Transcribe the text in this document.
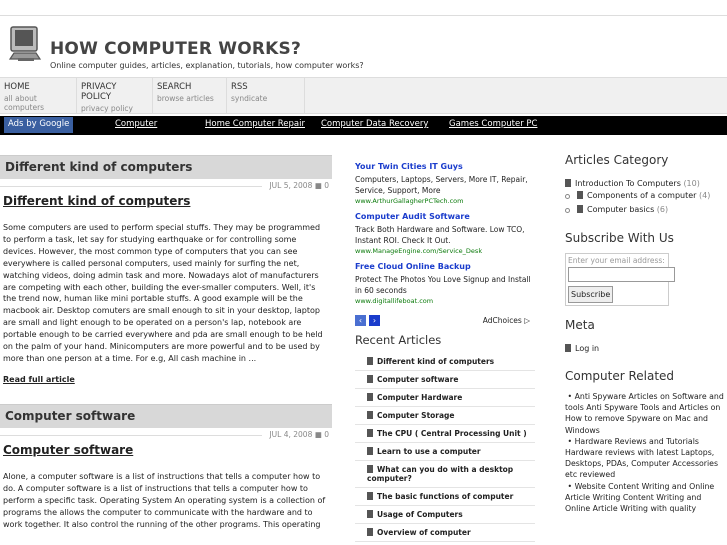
HOW COMPUTER WORKS?
Online computer guides, articles, explanation, tutorials, how computer works?
HOME
all about computers
PRIVACY POLICY
privacy policy
SEARCH
browse articles
RSS
syndicate
Ads by Google	Computer	Home Computer Repair Computer Data Recovery Games Computer PC
Different kind of computers
JUL 5, 2008 ■ 0
Different kind of computers
Some computers are used to perform special stuffs. They may be programmed to perform a task, let say for studying earthquake or for controlling some devices. However, the most common type of computers that you can see everywhere is called personal computers, used mainly for surfing the net, watching videos, doing admin task and more. Nowadays alot of manufacturers are competing with each other, building the ever-smaller computers. Well, it's the trend now, human like mini portable stuffs. A good example will be the macbook air. Desktop comuters are small enough to sit in your desktop, laptop are small and light enough to be operated on a person's lap, notebook are portable enough to be carried everywhere and pda are small enough to be held on the palm of your hand. Minicomputers are more powerful and to be used by more than one person at a time. For e.g, All cash machine in ...
Read full article
Computer software
JUL 4, 2008 ■ 0
Computer software
Alone, a computer software is a list of instructions that tells a computer how to do. A computer software is a list of instructions that tells a computer how to perform a specific task. Operating System An operating system is a collection of programs the allows the computer to communicate with the hardware and to work together. It also control the running of the other programs. This operating
Your Twin Cities IT Guys
Computers, Laptops, Servers, More IT, Repair, Service, Support, More
www.ArthurGallagherPCTech.com
Computer Audit Software
Track Both Hardware and Software. Low TCO, Instant ROI. Check It Out.
www.ManageEngine.com/Service_Desk
Free Cloud Online Backup
Protect The Photos You Love Signup and Install in 60 seconds
www.digitallifeboat.com
‹	›	AdChoices ▷
Recent Articles
Different kind of computers
Computer software
Computer Hardware
Computer Storage
The CPU ( Central Processing Unit )
Learn to use a computer
What can you do with a desktop computer?
The basic functions of computer
Usage of Computers
Overview of computer
Articles Category
Introduction To Computers (10)
Components of a computer (4)
Computer basics (6)
Subscribe With Us
Enter your email address:
Subscribe
Meta
Log in
Computer Related
• Anti Spyware Articles on Software and tools Anti Spyware Tools and Articles on How to remove Spyware on Mac and Windows
• Hardware Reviews and Tutorials Hardware reviews with latest Laptops, Desktops, PDAs, Computer Accessories etc reviewed
• Website Content Writing and Online Article Writing Content Writing and Online Article Writing with quality
